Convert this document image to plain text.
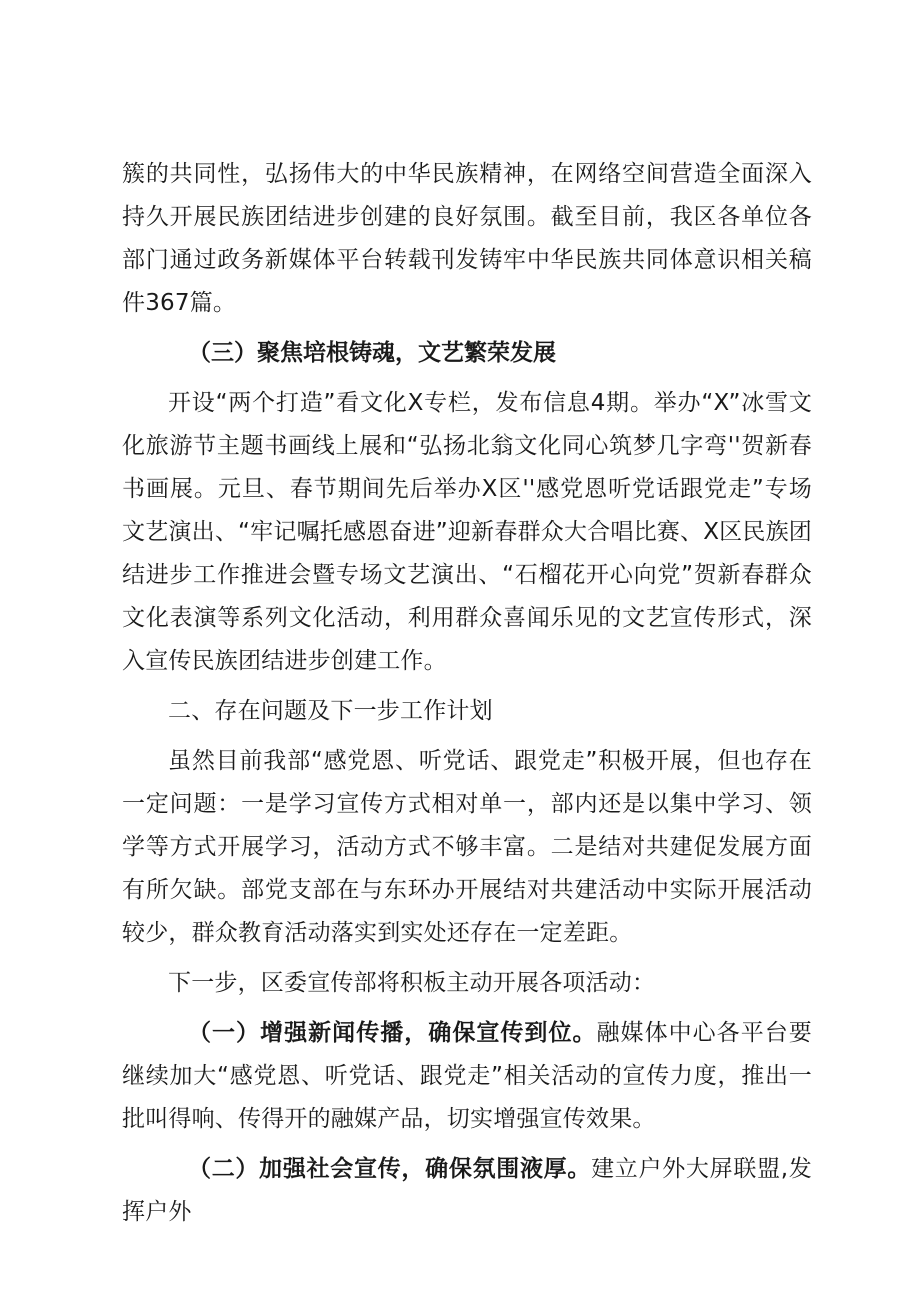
簇的共同性，弘扬伟大的中华民族精神，在网络空间营造全面深入持久开展民族团结进步创建的良好氛围。截至目前，我区各单位各部门通过政务新媒体平台转载刊发铸牢中华民族共同体意识相关稿件367篇。

（三）聚焦培根铸魂，文艺繁荣发展

开设“两个打造”看文化X专栏，发布信息4期。举办“X”冰雪文化旅游节主题书画线上展和“弘扬北翁文化同心筑梦几字弯''贺新春书画展。元旦、春节期间先后举办X区''感党恩听党话跟党走”专场文艺演出、“牢记嘱托感恩奋进”迎新春群众大合唱比赛、X区民族团结进步工作推进会暨专场文艺演出、“石榴花开心向党”贺新春群众文化表演等系列文化活动，利用群众喜闻乐见的文艺宣传形式，深入宣传民族团结进步创建工作。

二、存在问题及下一步工作计划

虽然目前我部“感党恩、听党话、跟党走”积极开展，但也存在一定问题：一是学习宣传方式相对单一，部内还是以集中学习、领学等方式开展学习，活动方式不够丰富。二是结对共建促发展方面有所欠缺。部党支部在与东环办开展结对共建活动中实际开展活动较少，群众教育活动落实到实处还存在一定差距。

下一步，区委宣传部将积板主动开展各项活动：

（一）增强新闻传播，确保宣传到位。融媒体中心各平台要继续加大“感党恩、听党话、跟党走”相关活动的宣传力度，推出一批叫得响、传得开的融媒产品，切实增强宣传效果。

（二）加强社会宣传，确保氛围液厚。建立户外大屏联盟,发挥户外
